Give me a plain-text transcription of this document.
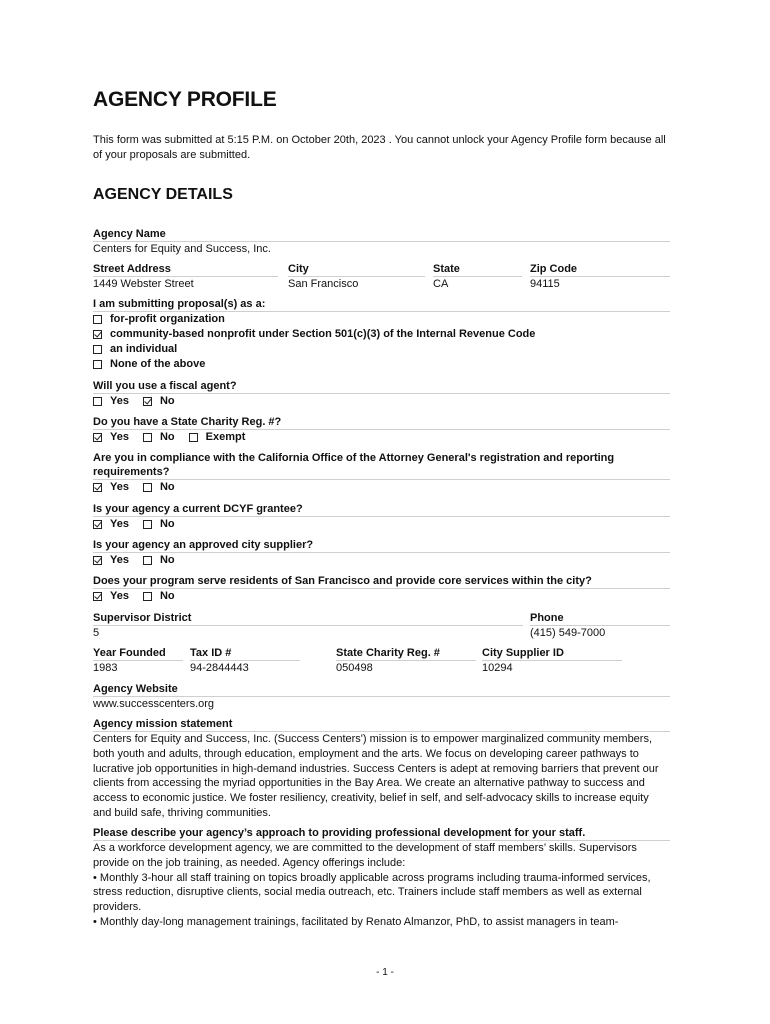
AGENCY PROFILE

This form was submitted at 5:15 P.M. on October 20th, 2023 . You cannot unlock your Agency Profile form because all of your proposals are submitted.

AGENCY DETAILS
Agency Name
Centers for Equity and Success, Inc.
Street Address
1449 Webster Street
City
San Francisco
State
CA
Zip Code
94115
I am submitting proposal(s) as a:
for-profit organization
community-based nonprofit under Section 501(c)(3) of the Internal Revenue Code
an individual
None of the above
Will you use a fiscal agent?
Yes	No
Do you have a State Charity Reg. #?
Yes	No	Exempt
Are you in compliance with the California Office of the Attorney General's registration and reporting requirements?
Yes	No
Is your agency a current DCYF grantee?
Yes	No
Is your agency an approved city supplier?
Yes	No
Does your program serve residents of San Francisco and provide core services within the city?
Yes	No
Supervisor District
5
Phone
(415) 549-7000
Year Founded
1983
Tax ID #
94-2844443
State Charity Reg. #
050498
City Supplier ID
10294
Agency Website
www.successcenters.org
Agency mission statement
Centers for Equity and Success, Inc. (Success Centers') mission is to empower marginalized community members, both youth and adults, through education, employment and the arts. We focus on developing career pathways to lucrative job opportunities in high-demand industries. Success Centers is adept at removing barriers that prevent our clients from accessing the myriad opportunities in the Bay Area. We create an alternative pathway to success and access to economic justice. We foster resiliency, creativity, belief in self, and self-advocacy skills to increase equity and build safe, thriving communities.
Please describe your agency’s approach to providing professional development for your staff.
As a workforce development agency, we are committed to the development of staff members’ skills. Supervisors provide on the job training, as needed. Agency offerings include:
• Monthly 3-hour all staff training on topics broadly applicable across programs including trauma-informed services, stress reduction, disruptive clients, social media outreach, etc. Trainers include staff members as well as external providers.
• Monthly day-long management trainings, facilitated by Renato Almanzor, PhD, to assist managers in team-
- 1 -
